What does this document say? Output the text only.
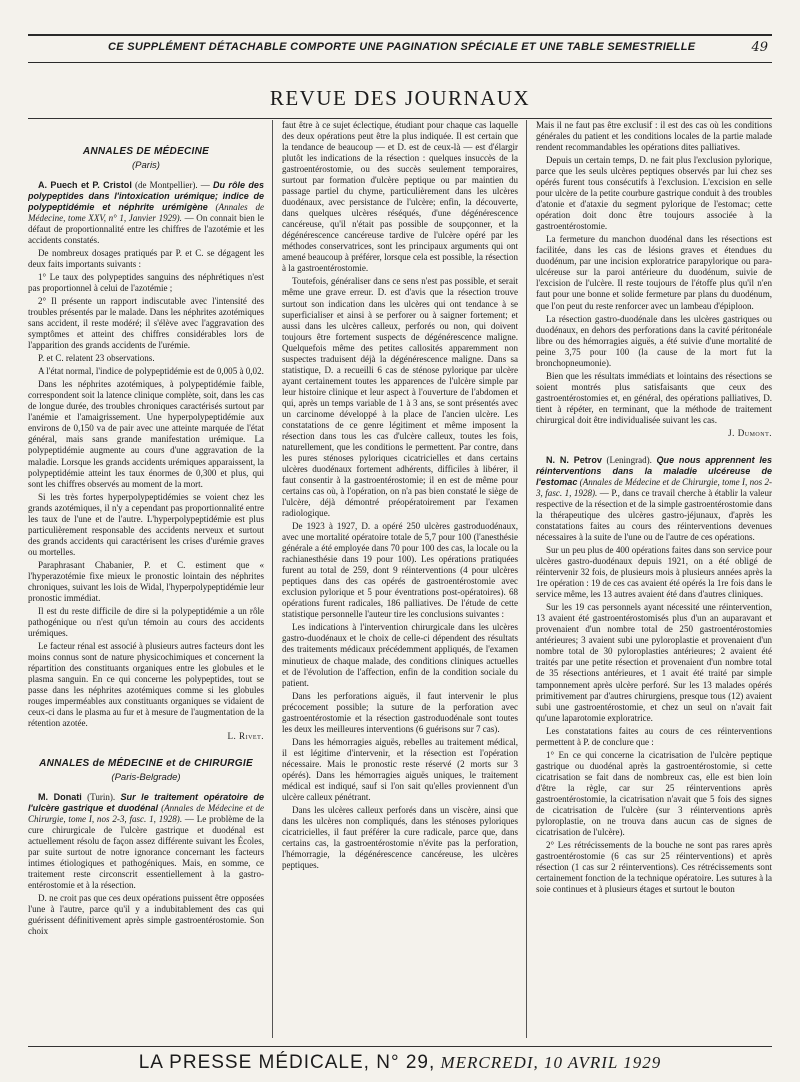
CE SUPPLÉMENT DÉTACHABLE COMPORTE UNE PAGINATION SPÉCIALE ET UNE TABLE SEMESTRIELLE	49
REVUE DES JOURNAUX

ANNALES DE MÉDECINE

(Paris)

A. Puech et P. Cristol (de Montpellier). — Du rôle des polypeptides dans l'intoxication urémique; indice de polypeptidémie et néphrite urémigène (Annales de Médecine, tome XXV, n° 1, Janvier 1929). — On connait bien le défaut de proportionnalité entre les chiffres de l'azotémie et les accidents constatés.

De nombreux dosages pratiqués par P. et C. se dégagent les deux faits importants suivants :

1° Le taux des polypeptides sanguins des néphrétiques n'est pas proportionnel à celui de l'azotémie ;

2° Il présente un rapport indiscutable avec l'intensité des troubles présentés par le malade. Dans les néphrites azotémiques sans accident, il reste modéré; il s'élève avec l'aggravation des symptômes et atteint des chiffres considérables lors de l'apparition des grands accidents de l'urémie.

P. et C. relatent 23 observations.

A l'état normal, l'indice de polypeptidémie est de 0,005 à 0,02.

Dans les néphrites azotémiques, à polypeptidémie faible, correspondent soit la latence clinique complète, soit, dans les cas de longue durée, des troubles chroniques caractérisés surtout par l'anémie et l'amaigrissement. Une hyperpolypeptidémie aux environs de 0,150 va de pair avec une atteinte marquée de l'état général, mais sans grande manifestation urémique. La polypeptidémie augmente au cours d'une aggravation de la maladie. Lorsque les grands accidents urémiques apparaissent, la polypeptidémie atteint les taux énormes de 0,300 et plus, qui sont les chiffres observés au moment de la mort.

Si les très fortes hyperpolypeptidémies se voient chez les grands azotémiques, il n'y a cependant pas proportionnalité entre les taux de l'une et de l'autre. L'hyperpolypeptidémie est plus particulièrement responsable des accidents nerveux et surtout des grands accidents qui caractérisent les crises d'urémie graves ou mortelles.

Paraphrasant Chabanier, P. et C. estiment que « l'hyperazotémie fixe mieux le pronostic lointain des néphrites chroniques, suivant les lois de Widal, l'hyperpolypeptidémie leur pronostic immédiat.

Il est du reste difficile de dire si la polypeptidémie a un rôle pathogénique ou n'est qu'un témoin au cours des accidents urémiques.

Le facteur rénal est associé à plusieurs autres facteurs dont les moins connus sont de nature physicochimiques et concernent la répartition des constituants organiques entre les globules et le plasma sanguin. En ce qui concerne les polypeptides, tout se passe dans les néphrites azotémiques comme si les globules rouges imperméables aux constituants organiques se vidaient de ceux-ci dans le plasma au fur et à mesure de l'augmentation de la rétention azotée.

L. Rivet.

ANNALES de MÉDECINE et de CHIRURGIE

(Paris-Belgrade)

M. Donati (Turin). Sur le traitement opératoire de l'ulcère gastrique et duodénal (Annales de Médecine et de Chirurgie, tome I, nos 2-3, fasc. 1, 1928). — Le problème de la cure chirurgicale de l'ulcère gastrique et duodénal est actuellement résolu de façon assez différente suivant les Écoles, par suite surtout de notre ignorance concernant les facteurs intimes étiologiques et pathogéniques. Mais, en somme, ce traitement reste circonscrit essentiellement à la gastro-entérostomie et à la résection.

D. ne croit pas que ces deux opérations puissent être opposées l'une à l'autre, parce qu'il y a indubitablement des cas qui guérissent définitivement après simple gastroentérostomie. Son choix

faut être à ce sujet éclectique, étudiant pour chaque cas laquelle des deux opérations peut être la plus indiquée. Il est certain que la tendance de beaucoup — et D. est de ceux-là — est d'élargir plutôt les indications de la résection : quelques insuccès de la gastroentérostomie, ou des succès seulement temporaires, surtout par formation d'ulcère peptique ou par maintien du passage partiel du chyme, particulièrement dans les ulcères duodénaux, avec persistance de l'ulcère; enfin, la découverte, dans quelques ulcères réséqués, d'une dégénérescence cancéreuse, qu'il n'était pas possible de soupçonner, et la dégénérescence cancéreuse tardive de l'ulcère opéré par les méthodes conservatrices, sont les principaux arguments qui ont amené beaucoup à préférer, lorsque cela est possible, la résection à la gastroentérostomie.

Toutefois, généraliser dans ce sens n'est pas possible, et serait même une grave erreur. D. est d'avis que la résection trouve surtout son indication dans les ulcères qui ont tendance à se superficialiser et ainsi à se perforer ou à saigner fortement; et aussi dans les ulcères calleux, perforés ou non, qui doivent toujours être fortement suspects de dégénérescence maligne. Quelquefois même des petites callosités apparemment non suspectes traduisent déjà la dégénérescence maligne. Dans sa statistique, D. a recueilli 6 cas de sténose pylorique par ulcère ayant certainement toutes les apparences de l'ulcère simple par leur histoire clinique et leur aspect à l'ouverture de l'abdomen et qui, après un temps variable de 1 à 3 ans, se sont présentés avec un carcinome développé à la place de l'ancien ulcère. Les constatations de ce genre légitiment et même imposent la résection dans tous les cas d'ulcère calleux, toutes les fois, naturellement, que les conditions le permettent. Par contre, dans les pures sténoses pyloriques cicatricielles et dans certains ulcères duodénaux fortement adhérents, difficiles à libérer, il faut consentir à la gastroentérostomie; il en est de même pour certains cas où, à l'opération, on n'a pas bien constaté le siège de l'ulcère, déjà démontré préopératoirement par l'examen radiologique.

De 1923 à 1927, D. a opéré 250 ulcères gastroduodénaux, avec une mortalité opératoire totale de 5,7 pour 100 (l'anesthésie générale a été employée dans 70 pour 100 des cas, la locale ou la rachianesthésie dans 19 pour 100). Les opérations pratiquées furent au total de 259, dont 9 réinterventions (4 pour ulcères peptiques dans des cas opérés de gastroentérostomie avec exclusion pylorique et 5 pour éventrations post-opératoires). 68 opérations furent radicales, 186 palliatives. De l'étude de cette statistique personnelle l'auteur tire les conclusions suivantes :

Les indications à l'intervention chirurgicale dans les ulcères gastro-duodénaux et le choix de celle-ci dépendent des résultats des traitements médicaux précédemment appliqués, de l'examen minutieux de chaque malade, des conditions cliniques actuelles et de l'évolution de l'affection, enfin de la condition sociale du patient.

Dans les perforations aiguës, il faut intervenir le plus précocement possible; la suture de la perforation avec gastroentérostomie et la résection gastroduodénale sont toutes les deux les meilleures interventions (6 guérisons sur 7 cas).

Dans les hémorragies aiguës, rebelles au traitement médical, il est légitime d'intervenir, et la résection est l'opération nécessaire. Mais le pronostic reste réservé (2 morts sur 3 opérés). Dans les hémorragies aiguës uniques, le traitement médical est indiqué, sauf si l'on sait qu'elles proviennent d'un ulcère calleux pénétrant.

Dans les ulcères calleux perforés dans un viscère, ainsi que dans les ulcères non compliqués, dans les sténoses pyloriques cicatricielles, il faut préférer la cure radicale, parce que, dans certains cas, la gastroentérostomie n'évite pas la perforation, l'hémorragie, la dégénérescence cancéreuse, les ulcères peptiques.

Mais il ne faut pas être exclusif : il est des cas où les conditions générales du patient et les conditions locales de la partie malade rendent recommandables les opérations dites palliatives.

Depuis un certain temps, D. ne fait plus l'exclusion pylorique, parce que les seuls ulcères peptiques observés par lui chez ses opérés furent tous consécutifs à l'exclusion. L'excision en selle pour ulcère de la petite courbure gastrique conduit à des troubles d'atonie et d'ataxie du segment pylorique de l'estomac; cette opération doit donc être toujours associée à la gastroentérostomie.

La fermeture du manchon duodénal dans les résections est facilitée, dans les cas de lésions graves et étendues du duodénum, par une incision exploratrice parapylorique ou para-ulcéreuse sur la paroi antérieure du duodénum, suivie de l'excision de l'ulcère. Il reste toujours de l'étoffe plus qu'il n'en faut pour une bonne et solide fermeture par plans du duodénum, que l'on peut du reste renforcer avec un lambeau d'épiploon.

La résection gastro-duodénale dans les ulcères gastriques ou duodénaux, en dehors des perforations dans la cavité péritonéale libre ou des hémorragies aiguës, a été suivie d'une mortalité de peine 3,75 pour 100 (la cause de la mort fut la bronchopneumonie).

Bien que les résultats immédiats et lointains des résections se soient montrés plus satisfaisants que ceux des gastroentérostomies et, en général, des opérations palliatives, D. tient à répéter, en terminant, que la méthode de traitement chirurgical doit être individualisée suivant les cas.

J. Dumont.

N. N. Petrov (Leningrad). Que nous apprennent les réinterventions dans la maladie ulcéreuse de l'estomac (Annales de Médecine et de Chirurgie, tome I, nos 2-3, fasc. 1, 1928). — P., dans ce travail cherche à établir la valeur respective de la résection et de la simple gastroentérostomie dans la thérapeutique des ulcères gastro-jéjunaux, d'après les constatations faites au cours des réinterventions devenues nécessaires à la suite de l'une ou de l'autre de ces opérations.

Sur un peu plus de 400 opérations faites dans son service pour ulcères gastro-duodénaux depuis 1921, on a été obligé de réintervenir 32 fois, de plusieurs mois à plusieurs années après la 1re opération : 19 de ces cas avaient été opérés la 1re fois dans le service même, les 13 autres avaient été dans d'autres cliniques.

Sur les 19 cas personnels ayant nécessité une réintervention, 13 avaient été gastroentérostomisés plus d'un an auparavant et provenaient d'un nombre total de 250 gastroentérostomies antérieures; 3 avaient subi une pyloroplastie et provenaient d'un nombre total de 30 pyloroplasties antérieures; 2 avaient été traités par une petite résection et provenaient d'un nombre total de 35 résections antérieures, et 1 avait été traité par simple tamponnement après ulcère perforé. Sur les 13 malades opérés primitivement par d'autres chirurgiens, presque tous (12) avaient subi une gastroentérostomie, et chez un seul on n'avait fait qu'une laparotomie exploratrice.

Les constatations faites au cours de ces réinterventions permettent à P. de conclure que :

1° En ce qui concerne la cicatrisation de l'ulcère peptique gastrique ou duodénal après la gastroentérostomie, si cette cicatrisation se fait dans de nombreux cas, elle est bien loin d'être la règle, car sur 25 réinterventions après gastroentérostomie, la cicatrisation n'avait que 5 fois des signes de cicatrisation de l'ulcère (sur 3 réinterventions après pyloroplastie, on ne trouva dans aucun cas de signes de cicatrisation de l'ulcère).

2° Les rétrécissements de la bouche ne sont pas rares après gastroentérostomie (6 cas sur 25 réinterventions) et après résection (1 cas sur 2 réinterventions). Ces rétrécissements sont certainement fonction de la technique opératoire. Les sutures à la soie continues et à plusieurs étages et surtout le bouton

LA PRESSE MÉDICALE, N° 29, MERCREDI, 10 AVRIL 1929
